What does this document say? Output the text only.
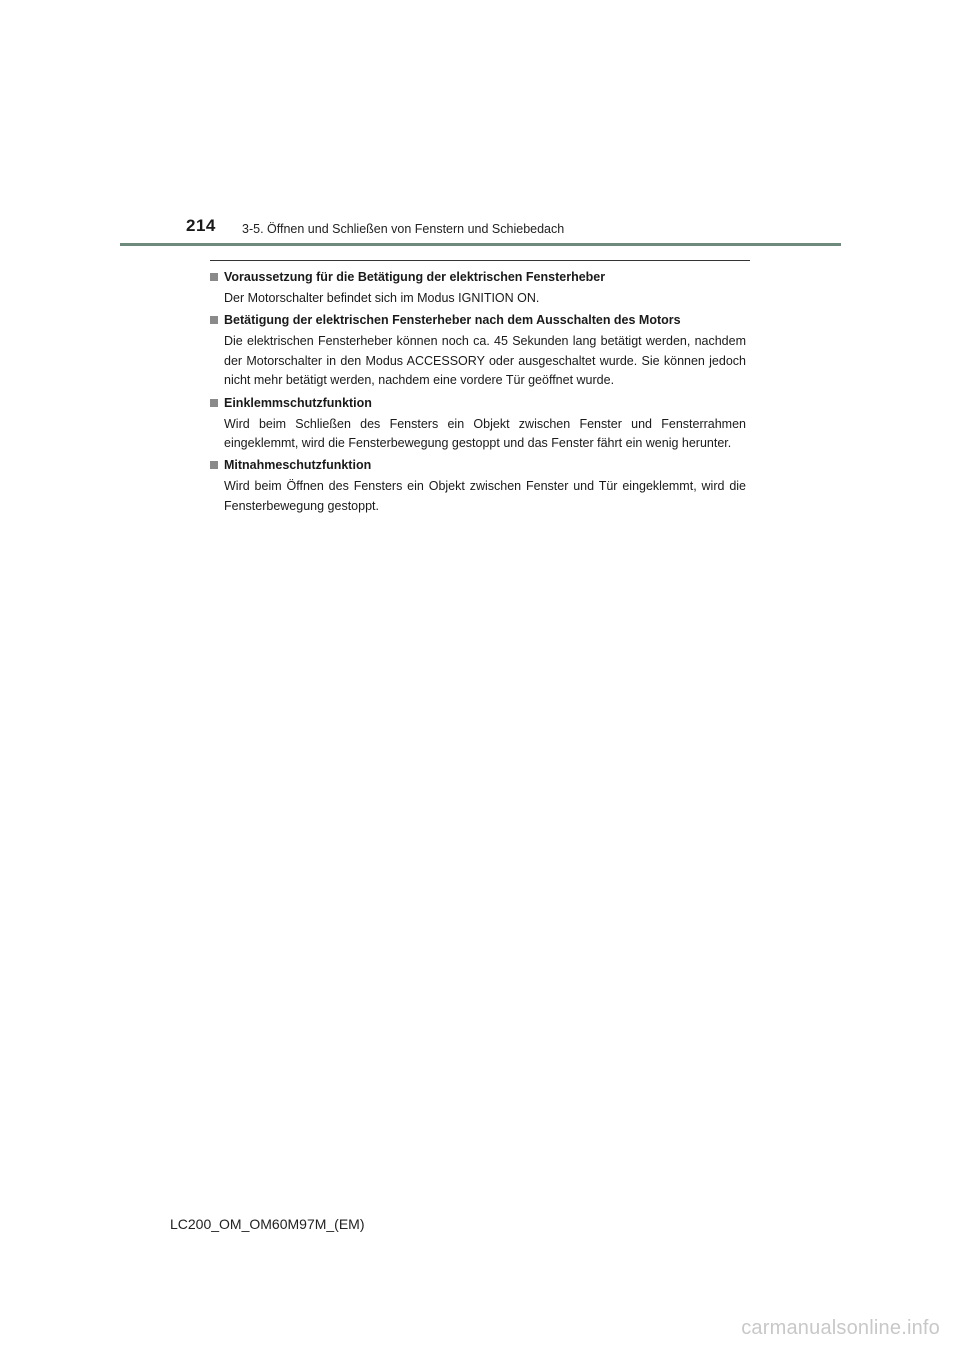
214 3-5. Öffnen und Schließen von Fenstern und Schiebedach
Voraussetzung für die Betätigung der elektrischen Fensterheber
Der Motorschalter befindet sich im Modus IGNITION ON.
Betätigung der elektrischen Fensterheber nach dem Ausschalten des Motors
Die elektrischen Fensterheber können noch ca. 45 Sekunden lang betätigt werden, nachdem der Motorschalter in den Modus ACCESSORY oder ausgeschaltet wurde. Sie können jedoch nicht mehr betätigt werden, nachdem eine vordere Tür geöffnet wurde.
Einklemmschutzfunktion
Wird beim Schließen des Fensters ein Objekt zwischen Fenster und Fensterrahmen eingeklemmt, wird die Fensterbewegung gestoppt und das Fenster fährt ein wenig herunter.
Mitnahmeschutzfunktion
Wird beim Öffnen des Fensters ein Objekt zwischen Fenster und Tür eingeklemmt, wird die Fensterbewegung gestoppt.
LC200_OM_OM60M97M_(EM)
carmanualsonline.info
